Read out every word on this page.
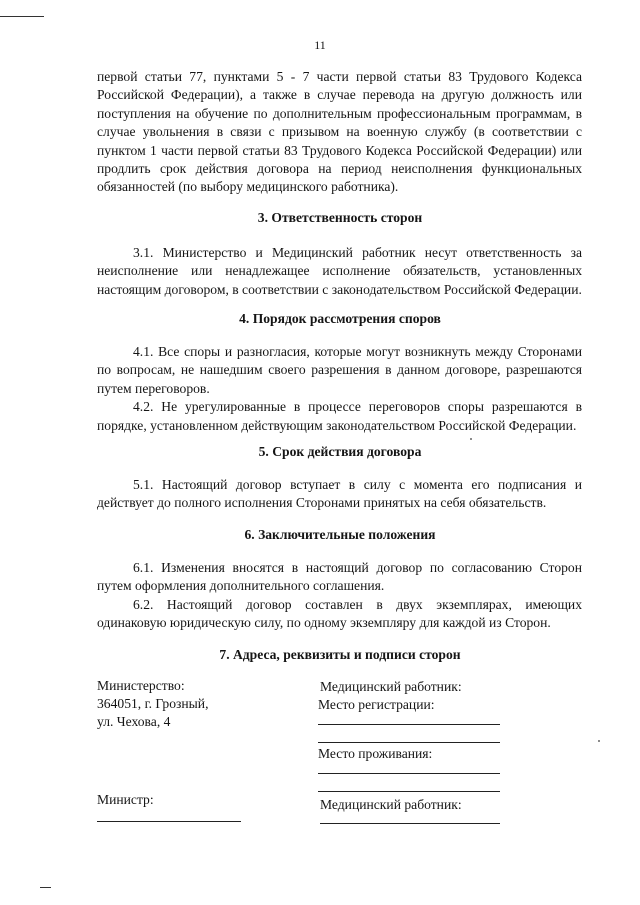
11

первой статьи 77, пунктами 5 - 7 части первой статьи 83 Трудового Кодекса Российской Федерации), а также в случае перевода на другую должность или поступления на обучение по дополнительным профессиональным программам, в случае увольнения в связи с призывом на военную службу (в соответствии с пунктом 1 части первой статьи 83 Трудового Кодекса Российской Федерации) или продлить срок действия договора на период неисполнения функциональных обязанностей (по выбору медицинского работника).

3. Ответственность сторон

3.1. Министерство и Медицинский работник несут ответственность за неисполнение или ненадлежащее исполнение обязательств, установленных настоящим договором, в соответствии с законодательством Российской Федерации.

4. Порядок рассмотрения споров

4.1. Все споры и разногласия, которые могут возникнуть между Сторонами по вопросам, не нашедшим своего разрешения в данном договоре, разрешаются путем переговоров.

4.2. Не урегулированные в процессе переговоров споры разрешаются в порядке, установленном действующим законодательством Российской Федерации.

5. Срок действия договора

5.1. Настоящий договор вступает в силу с момента его подписания и действует до полного исполнения Сторонами принятых на себя обязательств.

6. Заключительные положения

6.1. Изменения вносятся в настоящий договор по согласованию Сторон путем оформления дополнительного соглашения.

6.2. Настоящий договор составлен в двух экземплярах, имеющих одинаковую юридическую силу, по одному экземпляру для каждой из Сторон.

7. Адреса, реквизиты и подписи сторон
Министерство:
364051, г. Грозный,
ул. Чехова, 4
Медицинский работник:
Место регистрации:
Место проживания:
Министр:	Медицинский работник:
